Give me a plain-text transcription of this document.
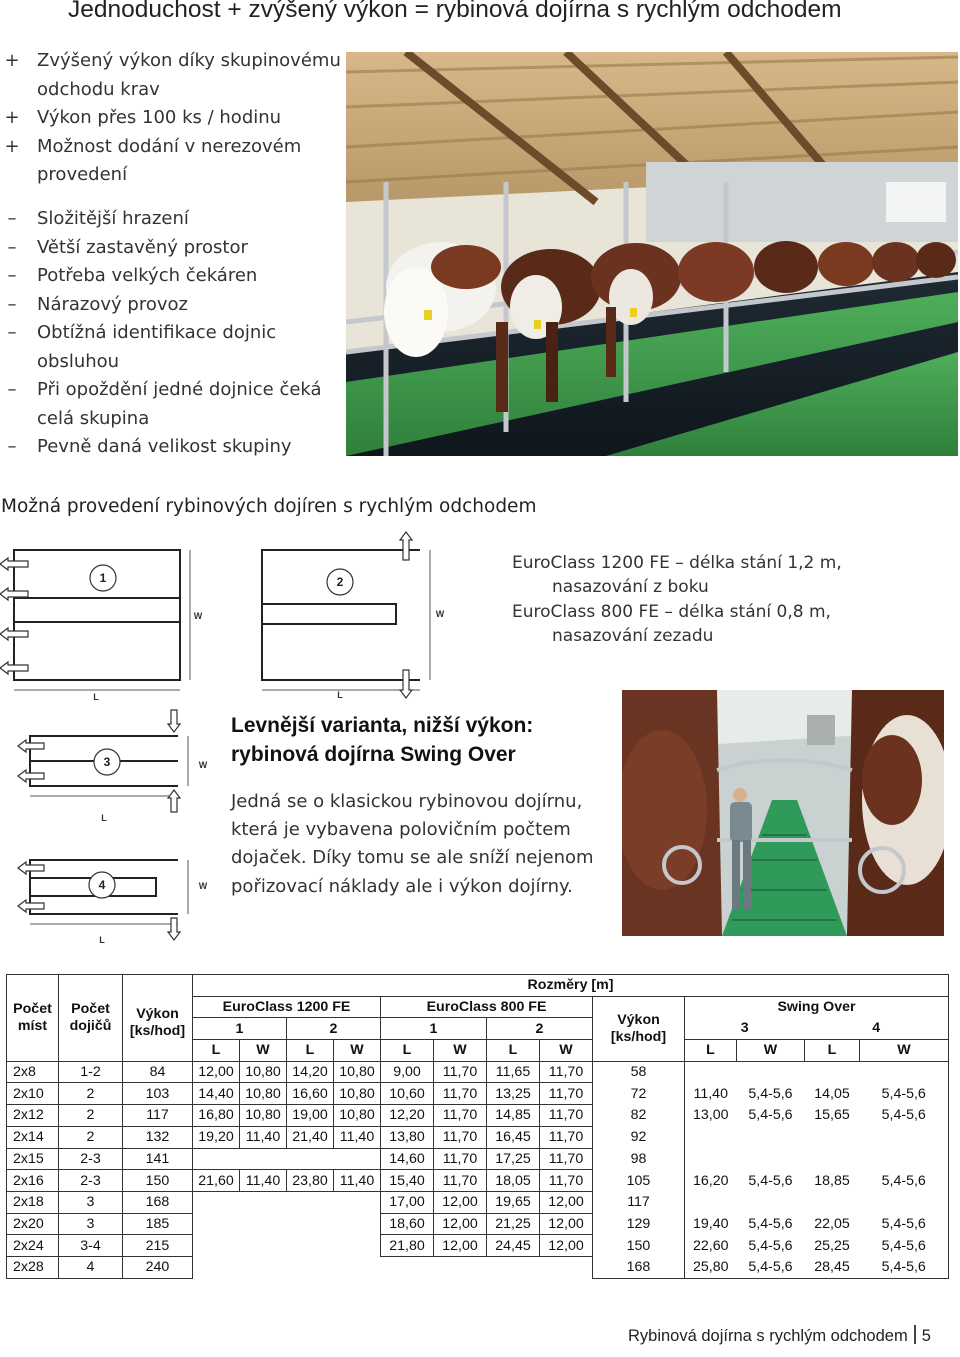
Jednoduchost + zvýšený výkon = rybinová dojírna s rychlým odchodem
+ Zvýšený výkon díky skupinovému odchodu krav
+ Výkon přes 100 ks / hodinu
+ Možnost dodání v nerezovém provedení
–	Složitější hrazení
–	Větší zastavěný prostor
–	Potřeba velkých čekáren
–	Nárazový provoz
–	Obtížná identifikace dojnic obsluhou
–	Při opoždění jedné dojnice čeká celá skupina
–	Pevně daná velikost skupiny
Možná provedení rybinových dojíren s rychlým odchodem
1	2
3
4
W	W
W
W
L	L
L
L
EuroClass 1200 FE – délka stání 1,2 m,
nasazování z boku
EuroClass 800 FE – délka stání 0,8 m,
nasazování zezadu
Levnější varianta, nižší výkon:
rybinová dojírna Swing Over
Jedná se o klasickou rybinovou dojírnu, která je vybavena polovičním počtem dojaček. Díky tomu se ale sníží nejenom pořizovací náklady ale i výkon dojírny.
Počet míst	Počet dojičů	Výkon [ks/hod]	Rozměry [m]												
			EuroClass 1200 FE				EuroClass 800 FE				Výkon [ks/hod]	Swing Over			
			1		2		1		2			3		4	
			L	W	L	W	L	W	L	W		L	W	L	W
2x8	1-2	84	12,00	10,80	14,20	10,80	9,00	11,70	11,65	11,70	58				
2x10	2	103	14,40	10,80	16,60	10,80	10,60	11,70	13,25	11,70	72	11,40	5,4-5,6	14,05	5,4-5,6
2x12	2	117	16,80	10,80	19,00	10,80	12,20	11,70	14,85	11,70	82	13,00	5,4-5,6	15,65	5,4-5,6
2x14	2	132	19,20	11,40	21,40	11,40	13,80	11,70	16,45	11,70	92				
2x15	2-3	141					14,60	11,70	17,25	11,70	98				
2x16	2-3	150	21,60	11,40	23,80	11,40	15,40	11,70	18,05	11,70	105	16,20	5,4-5,6	18,85	5,4-5,6
2x18	3	168					17,00	12,00	19,65	12,00	117				
2x20	3	185					18,60	12,00	21,25	12,00	129	19,40	5,4-5,6	22,05	5,4-5,6
2x24	3-4	215					21,80	12,00	24,45	12,00	150	22,60	5,4-5,6	25,25	5,4-5,6
2x28	4	240									168	25,80	5,4-5,6	28,45	5,4-5,6
Rybinová dojírna s rychlým odchodem 5
